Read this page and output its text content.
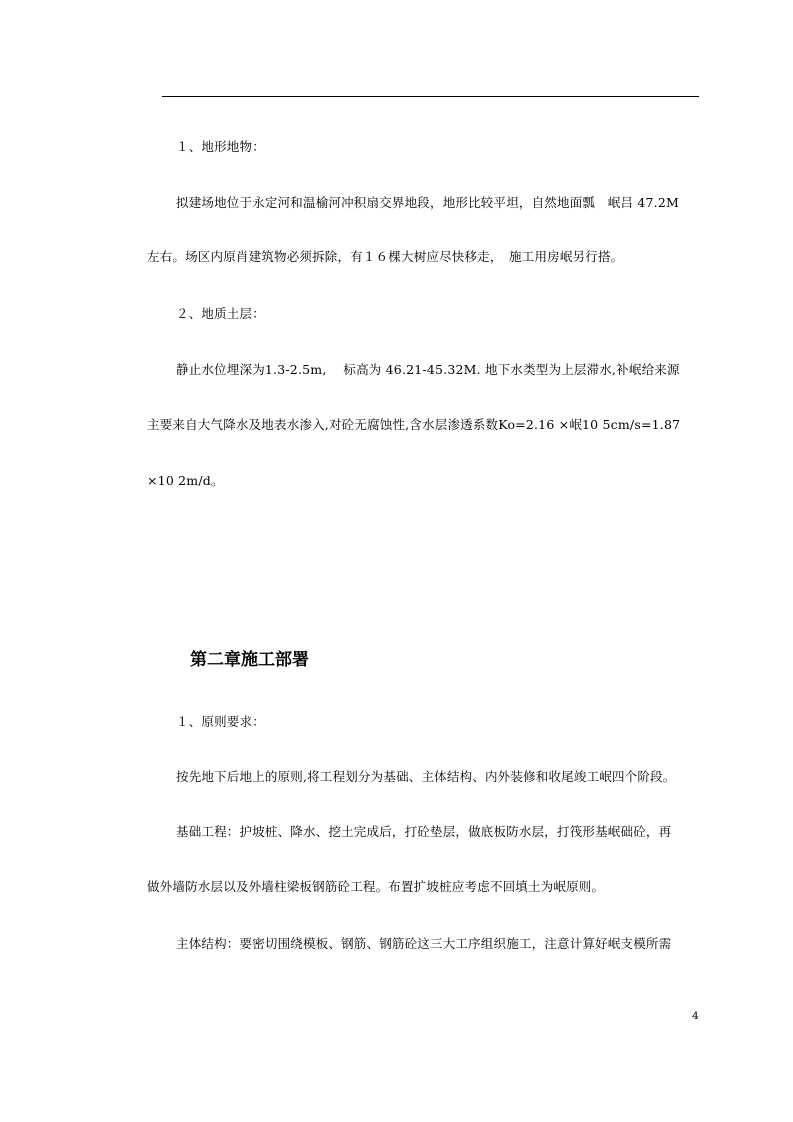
１、地形地物：
拟建场地位于永定河和温榆河冲积扇交界地段，地形比较平坦，自然地面瓢　岷吕 47.2M
左右。场区内原肖建筑物必须拆除，有１６棵大树应尽快移走，　施工用房岷另行搭。
２、地质土层：
静止水位埋深为1.3-2.5m,　 标高为 46.21-45.32M. 地下水类型为上层滞水,补岷给来源
主要来自大气降水及地表水渗入,对砼无腐蚀性,含水层渗透系数Ko=2.16 ×岷10 5cm/s=1.87
×10 2m/d。
第二章施工部署
１、原则要求：
按先地下后地上的原则,将工程划分为基础、主体结构、内外装修和收尾竣工岷四个阶段。
基础工程：护坡桩、降水、挖土完成后，打砼垫层，做底板防水层，打筏形基岷础砼，再
做外墙防水层以及外墙柱梁板钢筋砼工程。布置扩坡桩应考虑不回填土为岷原则。
主体结构：要密切围绕模板、钢筋、钢筋砼这三大工序组织施工，注意计算好岷支模所需
4
